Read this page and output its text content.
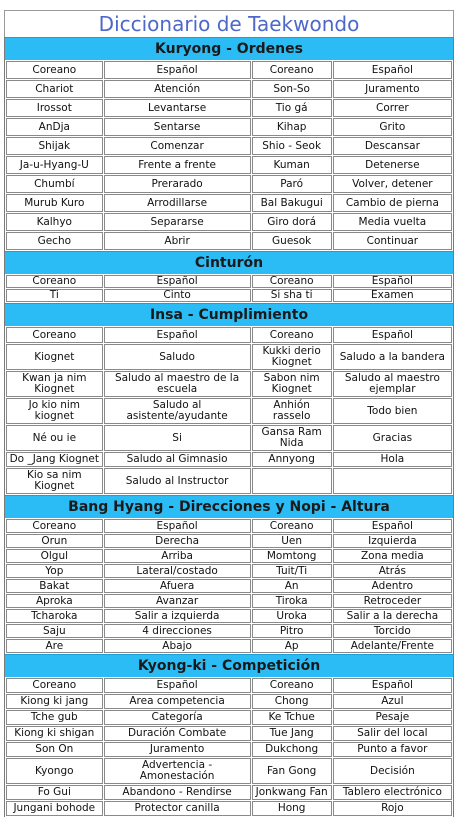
Diccionario de Taekwondo
Kuryong - Ordenes
Coreano	Español	Coreano	Español
Chariot	Atención	Son-So	Juramento
Irossot	Levantarse	Tio gá	Correr
AnDja	Sentarse	Kihap	Grito
Shijak	Comenzar	Shio - Seok	Descansar
Ja-u-Hyang-U	Frente a frente	Kuman	Detenerse
Chumbí	Prerarado	Paró	Volver, detener
Murub Kuro	Arrodillarse	Bal Bakugui	Cambio de pierna
Kalhyo	Separarse	Giro dorá	Media vuelta
Gecho	Abrir	Guesok	Continuar
Cinturón
Coreano	Español	Coreano	Español
Ti	Cinto	Si sha ti	Examen
Insa - Cumplimiento
Coreano	Español	Coreano	Español
Kiognet	Saludo	Kukki derio Kiognet	Saludo a la bandera
Kwan ja nim Kiognet	Saludo al maestro de la escuela	Sabon nim Kiognet	Saludo al maestro ejemplar
Jo kio nim kiognet	Saludo al asistente/ayudante	Anhión rasselo	Todo bien
Né ou ie	Si	Gansa Ram Nida	Gracias
Do _Jang Kiognet	Saludo al Gimnasio	Annyong	Hola
Kio sa nim Kiognet	Saludo al Instructor		
Bang Hyang - Direcciones y Nopi - Altura
Coreano	Español	Coreano	Español
Orun	Derecha	Uen	Izquierda
Olgul	Arriba	Momtong	Zona media
Yop	Lateral/costado	Tuit/Ti	Atrás
Bakat	Afuera	An	Adentro
Aproka	Avanzar	Tiroka	Retroceder
Tcharoka	Salir a izquierda	Uroka	Salir a la derecha
Saju	4 direcciones	Pitro	Torcido
Are	Abajo	Ap	Adelante/Frente
Kyong-ki - Competición
Coreano	Español	Coreano	Español
Kiong ki jang	Area competencia	Chong	Azul
Tche gub	Categoría	Ke Tchue	Pesaje
Kiong ki shigan	Duración Combate	Tue Jang	Salir del local
Son On	Juramento	Dukchong	Punto a favor
Kyongo	Advertencia - Amonestación	Fan Gong	Decisión
Fo Gui	Abandono - Rendirse	Jonkwang Fan	Tablero electrónico
Jungani bohode	Protector canilla	Hong	Rojo
